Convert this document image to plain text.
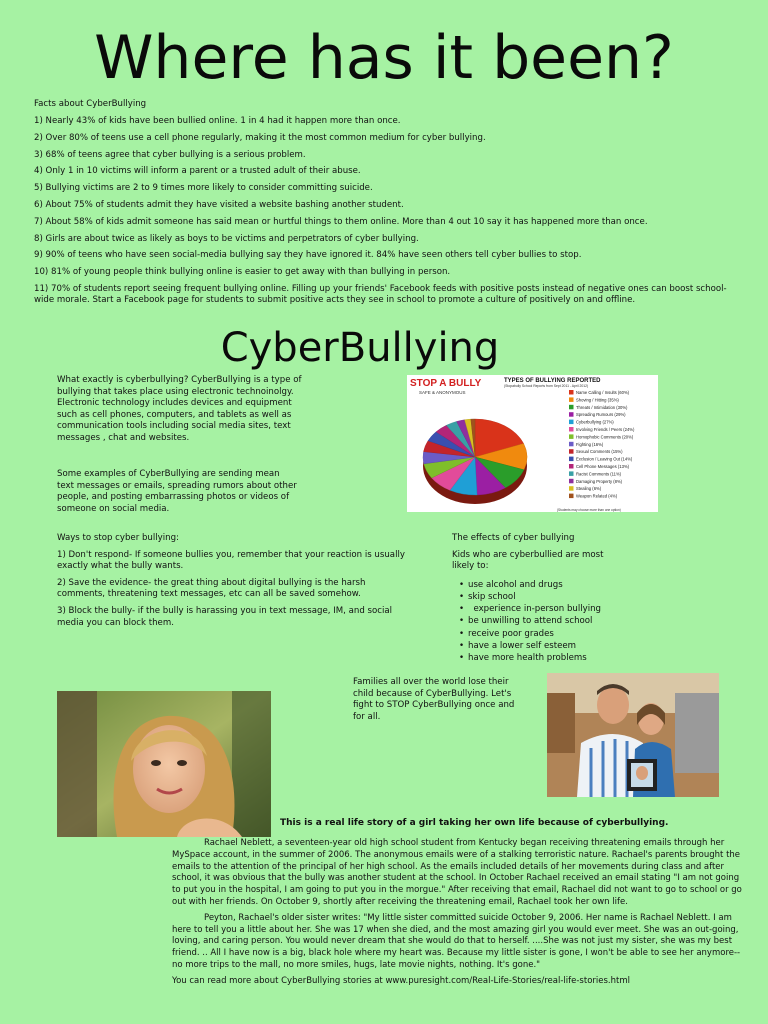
Where has it been?
Facts about CyberBullying
1) Nearly 43% of kids have been bullied online. 1 in 4 had it happen more than once.
2) Over 80% of teens use a cell phone regularly, making it the most common medium for cyber bullying.
3) 68% of teens agree that cyber bullying is a serious problem.
4) Only 1 in 10 victims will inform a parent or a trusted adult of their abuse.
5) Bullying victims are 2 to 9 times more likely to consider committing suicide.
6) About 75% of students admit they have visited a website bashing another student.
7) About 58% of kids admit someone has said mean or hurtful things to them online. More than 4 out 10 say it has happened more than once.
8) Girls are about twice as likely as boys to be victims and perpetrators of cyber bullying.
9) 90% of teens who have seen social-media bullying say they have ignored it. 84% have seen others tell cyber bullies to stop.
10) 81% of young people think bullying online is easier to get away with than bullying in person.
11) 70% of students report seeing frequent bullying online. Filling up your friends' Facebook feeds with positive posts instead of negative ones can boost school-wide morale. Start a Facebook page for students to submit positive acts they see in school to promote a culture of positively on and offline.
CyberBullying
What exactly is cyberbullying? CyberBullying is a type of bullying that takes place using electronic technoinolgy. Electronic technology includes devices and equipment such as cell phones, computers, and tablets as well as communication tools including social media sites, text messages , chat and websites.
Some examples of CyberBullying are sending mean text messages or emails, spreading rumors about other people, and posting embarrassing photos or videos of someone on social media.
STOP A BULLY
SAFE & ANONYMOUS
TYPES OF BULLYING REPORTED
(Stopabully School Reports from Sept 2011 - April 2012)
Name Calling / Insults (60%)
Shoving / Hitting (35%)
Threats / Intimidation (30%)
Spreading Rumours (29%)
Cyberbullying (27%)
Involving Friends / Peers (24%)
Homophobic Comments (20%)
Fighting (16%)
Sexual Comments (15%)
Exclusion / Leaving Out (14%)
Cell Phone Messages (13%)
Racist Comments (11%)
Damaging Property (8%)
Stealing (6%)
Weapon Related (4%)
(Students may choose more than one option)
Ways to stop cyber bullying:
1) Don't respond- If someone bullies you, remember that your reaction is usually exactly what the bully wants.
2) Save the evidence- the great thing about digital bullying is the harsh comments, threatening text messages, etc can all be saved somehow.
3) Block the bully- if the bully is harassing you in text message, IM, and social media you can block them.
The effects of cyber bullying
Kids who are cyberbullied are most likely to:
• use alcohol and drugs
• skip school
•   experience in-person bullying
• be unwilling to attend school
• receive poor grades
• have a lower self esteem
• have more health problems
Families all over the world lose their child because of CyberBullying. Let's fight to STOP CyberBullying once and for all.
This is a real life story of a girl taking her own life because of cyberbullying.

Rachael Neblett, a seventeen-year old high school student from Kentucky began receiving threatening emails through her MySpace account, in the summer of 2006. The anonymous emails were of a stalking terroristic nature. Rachael's parents brought the emails to the attention of the principal of her high school. As the emails included details of her movements during class and after school, it was obvious that the bully was another student at the school. In October Rachael received an email stating "I am not going to put you in the hospital, I am going to put you in the morgue." After receiving that email, Rachael did not want to go to school or go out with her friends. On October 9, shortly after receiving the threatening email, Rachael took her own life.

Peyton, Rachael's older sister writes: "My little sister committed suicide October 9, 2006. Her name is Rachael Neblett. I am here to tell you a little about her. She was 17 when she died, and the most amazing girl you would ever meet. She was an out-going, loving, and caring person. You would never dream that she would do that to herself. ....She was not just my sister, she was my best friend. .. All I have now is a big, black hole where my heart was. Because my little sister is gone, I won't be able to see her anymore--no more trips to the mall, no more smiles, hugs, late movie nights, nothing. It's gone."

You can read more about CyberBullying stories at www.puresight.com/Real-Life-Stories/real-life-stories.html
